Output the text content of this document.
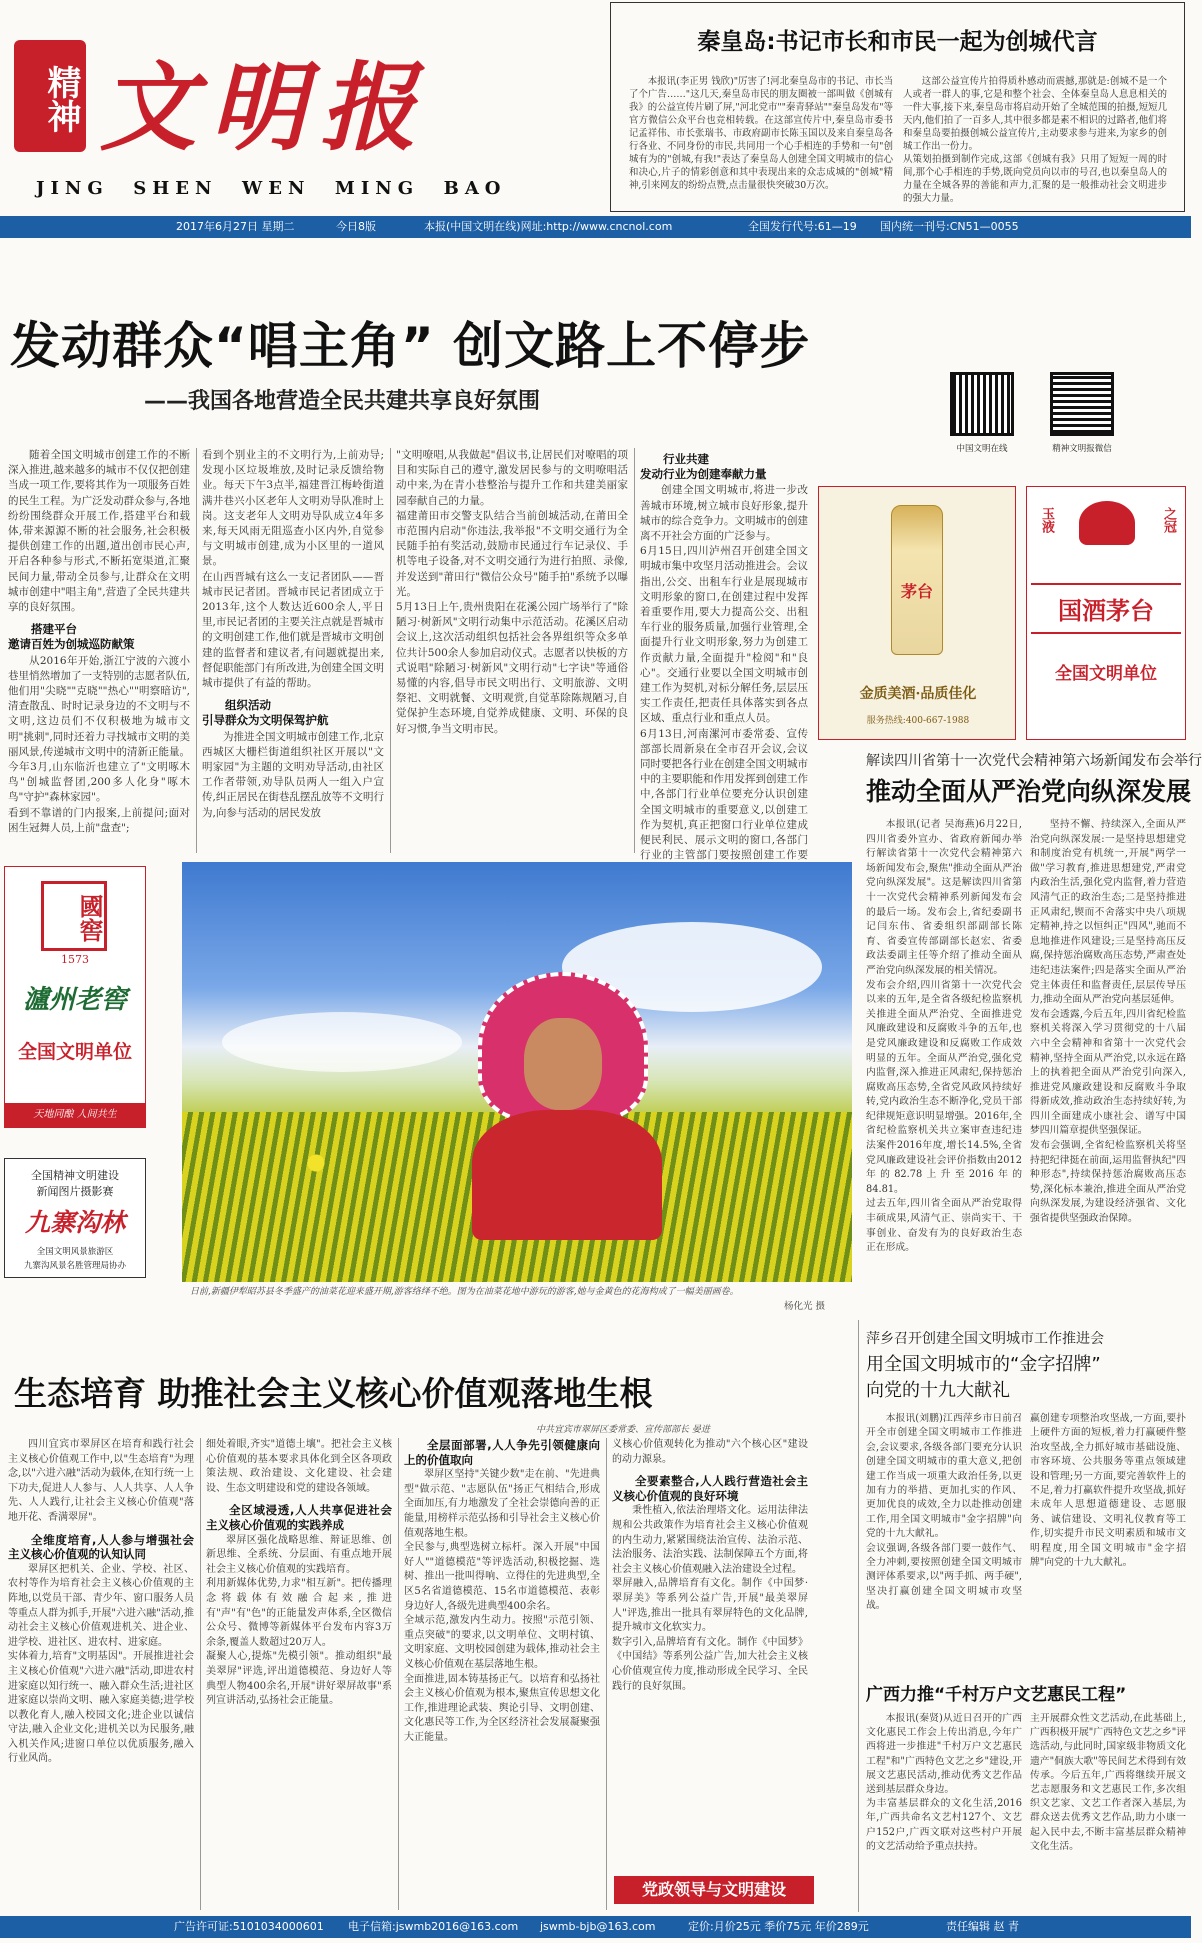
精神 文明报
JING  SHEN  WEN  MING  BAO
2017年6月27日 星期二	今日8版	本报(中国文明在线)网址:http://www.cncnol.com	全国发行代号:61—19 国内统一刊号:CN51—0055
秦皇岛:书记市长和市民一起为创城代言
本报讯(李正男 钱欣)"厉害了!河北秦皇岛市的书记、市长当了个广告……"这几天,秦皇岛市民的朋友圈被一部叫做《创城有我》的公益宣传片刷了屏,"河北党市""秦青驿站""秦皇岛发布"等官方微信公众平台也竞相转载。在这部宣传片中,秦皇岛市委书记孟祥伟、市长张瑞书、市政府副市长陈玉国以及来自秦皇岛各行各业、不同身份的市民,共同用一个心手相连的手势和一句"创城有为的"创城,有我!"表达了秦皇岛人创建全国文明城市的信心和决心,片子的情彩创意和其中表现出来的众志成城的"创城"精神,引来网友的纷纷点赞,点击量很快突破30万次。
这部公益宣传片拍得质朴感动而震撼,那就是:创城不是一个人或者一群人的事,它是和整个社会、全体秦皇岛人息息相关的一件大事,接下来,秦皇岛市将启动开始了全城范围的拍摄,短短几天内,他们拍了一百多人,其中很多都是素不相识的过路者,他们将和秦皇岛要拍摄创城公益宣传片,主动要求参与进来,为家乡的创城工作出一份力。
从策划拍摄到制作完成,这部《创城有我》只用了短短一周的时间,那个心手相连的手势,既向党员向以市的号召,也以秦皇岛人的力量在全城各界的善能和声力,汇聚的是一般推动社会文明进步的强大力量。
发动群众“唱主角” 创文路上不停步
——我国各地营造全民共建共享良好氛围
中国文明在线	精神文明报微信

随着全国文明城市创建工作的不断深入推进,越来越多的城市不仅仅把创建当成一项工作,要将其作为一项服务百姓的民生工程。为广泛发动群众参与,各地纷纷围绕群众开展工作,搭建平台和载体,带来源源不断的社会服务,社会积极提供创建工作的出题,道出创市民心声,开启各种参与形式,不断拓宽渠道,汇聚民间力量,带动全员参与,让群众在文明城市创建中"唱主角",营造了全民共建共享的良好氛围。

搭建平台
邀请百姓为创城巡防献策

从2016年开始,浙江宁波的六渡小巷里悄然增加了一支特别的志愿者队伍,他们用"尖晓""克晓""热心""明察暗访",清查散乱、时时记录身边的不文明与不文明,这边员们不仅积极地为城市文明"挑刺",同时还着力寻找城市文明的美丽风景,传递城市文明中的清新正能量。今年3月,山东临沂也建立了"文明啄木鸟"创城监督团,200多人化身"啄木鸟"守护"森林家园"。
看到不靠谱的门内报案,上前提问;面对困生冠舞人员,上前"盘查";

看到个别业主的不文明行为,上前劝导;发现小区垃圾堆放,及时记录反馈给物业。每天下午3点半,福建晋江梅岭街道满井巷兴小区老年人文明劝导队准时上岗。这支老年人文明劝导队成立4年多来,每天风雨无阻巡查小区内外,自觉参与文明城市创建,成为小区里的一道风景。
在山西晋城有这么一支记者团队——晋城市民记者团。晋城市民记者团成立于2013年,这个人数达近600余人,平日里,市民记者团的主要关注点就是晋城市的文明创建工作,他们就是晋城市文明创建的监督者和建议者,有问题就提出来,督促职能部门有所改进,为创建全国文明城市提供了有益的帮助。

组织活动
引导群众为文明保驾护航

为推进全国文明城市创建工作,北京西城区大栅栏街道组织社区开展以"文明家园"为主题的文明劝导活动,由社区工作者带领,劝导队员两人一组入户宣传,纠正居民在街巷乱摆乱放等不文明行为,向参与活动的居民发放

"文明嘹唱,从我做起"倡议书,让居民们对嘹唱的项目和实际自己的遵守,激发居民参与的文明嘹唱活动中来,为在青小巷整治与提升工作和共建美丽家园奉献自己的力量。
福建莆田市交警支队结合当前创城活动,在莆田全市范围内启动"你违法,我举报"不文明交通行为全民随手拍有奖活动,鼓励市民通过行车记录仪、手机等电子设备,对不文明交通行为进行拍照、录像,并发送到"莆田行"微信公众号"随手拍"系统予以曝光。
5月13日上午,贵州贵阳在花溪公园广场举行了"除陋习·树新风"文明行动集中示范活动。花溪区启动会议上,这次活动组织包括社会各界组织等众多单位共计500余人参加启动仪式。志愿者以快板的方式说唱"除陋习·树新风"文明行动"七字诀"等通俗易懂的内容,倡导市民文明出行、文明旅游、文明祭祀、文明就餐、文明观赏,自觉革除陈规陋习,自觉保护生态环境,自觉养成健康、文明、环保的良好习惯,争当文明市民。

行业共建
发动行业为创建奉献力量

创建全国文明城市,将进一步改善城市环境,树立城市良好形象,提升城市的综合竞争力。文明城市的创建离不开社会方面的广泛参与。
6月15日,四川泸州召开创建全国文明城市集中攻坚月活动推进会。会议指出,公交、出租车行业是展现城市文明形象的窗口,在创建过程中发挥着重要作用,要大力提高公交、出租车行业的服务质量,加强行业管理,全面提升行业文明形象,努力为创建工作贡献力量,全面提升"检阅"和"良心"。交通行业要以全国文明城市创建工作为契机,对标分解任务,层层压实工作责任,把责任具体落实到各点区域、重点行业和重点人员。
6月13日,河南漯河市委常委、宣传部部长周新泉在全市召开会议,会议同时要把各行业在创建全国文明城市中的主要职能和作用发挥到创建工作中,各部门行业单位要充分认识创建全国文明城市的重要意义,以创建工作为契机,真正把窗口行业单位建成便民利民、展示文明的窗口,各部门行业的主管部门要按照创建工作要

茅台
金质美酒·品质佳化
服务热线:400-667-1988
玉液	之冠
国酒茅台
全国文明单位
解读四川省第十一次党代会精神第六场新闻发布会举行
推动全面从严治党向纵深发展
本报讯(记者 吴海燕)6月22日,四川省委外宣办、省政府新闻办举行解读省第十一次党代会精神第六场新闻发布会,聚焦"推动全面从严治党向纵深发展"。这是解读四川省第十一次党代会精神系列新闻发布会的最后一场。发布会上,省纪委副书记闫东伟、省委组织部副部长陈育、省委宣传部副部长赵宏、省委政法委副主任等介绍了推动全面从严治党向纵深发展的相关情况。
发布会介绍,四川省第十一次党代会以来的五年,是全省各级纪检监察机关推进全面从严治党、全面推进党风廉政建设和反腐败斗争的五年,也是党风廉政建设和反腐败工作成效明显的五年。全面从严治党,强化党内监督,深入推进正风肃纪,保持惩治腐败高压态势,全省党风政风持续好转,党内政治生态不断净化,党员干部纪律规矩意识明显增强。2016年,全省纪检监察机关共立案审查违纪违法案件2016年度,增长14.5%,全省党风廉政建设社会评价指数由2012年的82.78上升至2016年的84.81。
过去五年,四川省全面从严治党取得丰硕成果,风清气正、崇尚实干、干事创业、奋发有为的良好政治生态正在形成。
坚持不懈、持续深入,全面从严治党向纵深发展:一是坚持思想建党和制度治党有机统一,开展"两学一做"学习教育,推进思想建党,严肃党内政治生活,强化党内监督,着力营造风清气正的政治生态;二是坚持推进正风肃纪,锲而不舍落实中央八项规定精神,持之以恒纠正"四风",驰而不息地推进作风建设;三是坚持高压反腐,保持惩治腐败高压态势,严肃查处违纪违法案件;四是落实全面从严治党主体责任和监督责任,层层传导压力,推动全面从严治党向基层延伸。
发布会透露,今后五年,四川省纪检监察机关将深入学习贯彻党的十八届六中全会精神和省第十一次党代会精神,坚持全面从严治党,以永远在路上的执着把全面从严治党引向深入,推进党风廉政建设和反腐败斗争取得新成效,推动政治生态持续好转,为四川全面建成小康社会、谱写中国梦四川篇章提供坚强保证。
发布会强调,全省纪检监察机关将坚持把纪律挺在前面,运用监督执纪"四种形态",持续保持惩治腐败高压态势,深化标本兼治,推进全面从严治党向纵深发展,为建设经济强省、文化强省提供坚强政治保障。
國窖
1573
瀘州老窖
全国文明单位
天地同酿 人间共生
全国精神文明建设
新闻图片摄影赛
九寨沟林
全国文明风景旅游区
九寨沟风景名胜管理局协办
日前,新疆伊犁昭苏县冬季盛产的油菜花迎来盛开期,游客络绎不绝。图为在油菜花地中游玩的游客,她与金黄色的花海构成了一幅美丽画卷。
杨化光 摄
萍乡召开创建全国文明城市工作推进会
用全国文明城市的“金字招牌”
向党的十九大献礼
本报讯(刘鹏)江西萍乡市日前召开全市创建全国文明城市工作推进会,会议要求,各级各部门要充分认识创建全国文明城市的重大意义,把创建工作当成一项重大政治任务,以更加有力的举措、更加扎实的作风、更加优良的成效,全力以赴推动创建工作,用全国文明城市"金字招牌"向党的十九大献礼。
会议强调,各级各部门要一鼓作气、全力冲刺,要按照创建全国文明城市测评体系要求,以"两手抓、两手硬",坚决打赢创建全国文明城市攻坚战。
赢创建专项整治攻坚战,一方面,要扑上硬件方面的短板,着力打赢硬件整治攻坚战,全力抓好城市基础设施、市容环境、公共服务等重点领域建设和管理;另一方面,要完善软件上的不足,着力打赢软件提升攻坚战,抓好未成年人思想道德建设、志愿服务、诚信建设、文明礼仪教育等工作,切实提升市民文明素质和城市文明程度,用全国文明城市"金字招牌"向党的十九大献礼。
广西力推“千村万户文艺惠民工程”
本报讯(秦贤)从近日召开的广西文化惠民工作会上传出消息,今年广西将进一步推进"千村万户文艺惠民工程"和"广西特色文艺之乡"建设,开展文艺惠民活动,推动优秀文艺作品送到基层群众身边。
为丰富基层群众的文化生活,2016年,广西共命名文艺村127个、文艺户152户,广西文联对这些村户开展的文艺活动给予重点扶持。
主开展群众性文艺活动,在此基础上,广西积极开展"广西特色文艺之乡"评选活动,与此同时,国家级非物质文化遗产"侗族大歌"等民间艺术得到有效传承。今后五年,广西将继续开展文艺志愿服务和文艺惠民工作,多次组织文艺家、文艺工作者深入基层,为群众送去优秀文艺作品,助力小康一起入民中去,不断丰富基层群众精神文化生活。
生态培育 助推社会主义核心价值观落地生根
中共宜宾市翠屏区委常委、宣传部部长 晏进

四川宜宾市翠屏区在培育和践行社会主义核心价值观工作中,以"生态培育"为理念,以"六进六融"活动为载体,在知行统一上下功夫,促进人人参与、人人共享、人人争先、人人践行,让社会主义核心价值观"落地开花、香满翠屏"。

全维度培育,人人参与增强社会主义核心价值观的认知认同

翠屏区把机关、企业、学校、社区、农村等作为培育社会主义核心价值观的主阵地,以党员干部、青少年、窗口服务人员等重点人群为抓手,开展"六进六融"活动,推动社会主义核心价值观进机关、进企业、进学校、进社区、进农村、进家庭。
实体着力,培育"文明基因"。开展推进社会主义核心价值观"六进六融"活动,即进农村进家庭以知行统一、融入群众生活;进社区进家庭以崇尚文明、融入家庭美德;进学校以教化育人,融入校园文化;进企业以诚信守法,融入企业文化;进机关以为民服务,融入机关作风;进窗口单位以优质服务,融入行业风尚。

细处着眼,齐实"道德土壤"。把社会主义核心价值观的基本要求具体化到全区各项政策法规、政治建设、文化建设、社会建设、生态文明建设和党的建设各领域。

全区域浸透,人人共享促进社会主义核心价值观的实践养成

翠屏区强化战略思维、辩证思维、创新思维、全系统、分层面、有重点地开展社会主义核心价值观的实践培育。
利用新媒体优势,力求"相互新"。把传播理念将载体有效融合起来,推进有"声"有"色"的正能量发声体系,全区微信公众号、微博等新媒体平台发布内容3万余条,覆盖人数超过20万人。
凝聚人心,提炼"先模引领"。推动组织"最美翠屏"评选,评出道德模范、身边好人等典型人物400余名,开展"讲好翠屏故事"系列宣讲活动,弘扬社会正能量。

全层面部署,人人争先引领健康向上的价值取向

翠屏区坚持"关键少数"走在前、"先进典型"做示范、"志愿队伍"扬正气相结合,形成全面加压,有力地激发了全社会崇德向善的正能量,用榜样示范弘扬和引导社会主义核心价值观落地生根。
全民参与,典型选树立标杆。深入开展"中国好人""道德模范"等评选活动,积极挖掘、选树、推出一批叫得响、立得住的先进典型,全区5名省道德模范、15名市道德模范、表彰身边好人,各级先进典型400余名。
全域示范,激发内生动力。按照"示范引领、重点突破"的要求,以文明单位、文明村镇、文明家庭、文明校园创建为载体,推动社会主义核心价值观在基层落地生根。
全面推进,固本铸基扬正气。以培育和弘扬社会主义核心价值观为根本,聚焦宣传思想文化工作,推进理论武装、舆论引导、文明创建、文化惠民等工作,为全区经济社会发展凝聚强大正能量。

义核心价值观转化为推动"六个核心区"建设的动力源泉。

全要素整合,人人践行营造社会主义核心价值观的良好环境

秉性植入,依法治理塔文化。运用法律法规和公共政策作为培育社会主义核心价值观的内生动力,紧紧围绕法治宣传、法治示范、法治服务、法治实践、法制保障五个方面,将社会主义核心价值观融入法治建设全过程。
翠屏融入,品牌培育有文化。制作《中国梦·翠屏美》等系列公益广告,开展"最美翠屏人"评选,推出一批具有翠屏特色的文化品牌,提升城市文化软实力。
数字引入,品牌培育有文化。制作《中国梦》《中国结》等系列公益广告,加大社会主义核心价值观宣传力度,推动形成全民学习、全民践行的良好氛围。

党政领导与文明建设
广告许可证:5101034000601 电子信箱:jswmb2016@163.com jswmb-bjb@163.com	定价:月价25元 季价75元 年价289元	责任编辑 赵 青
